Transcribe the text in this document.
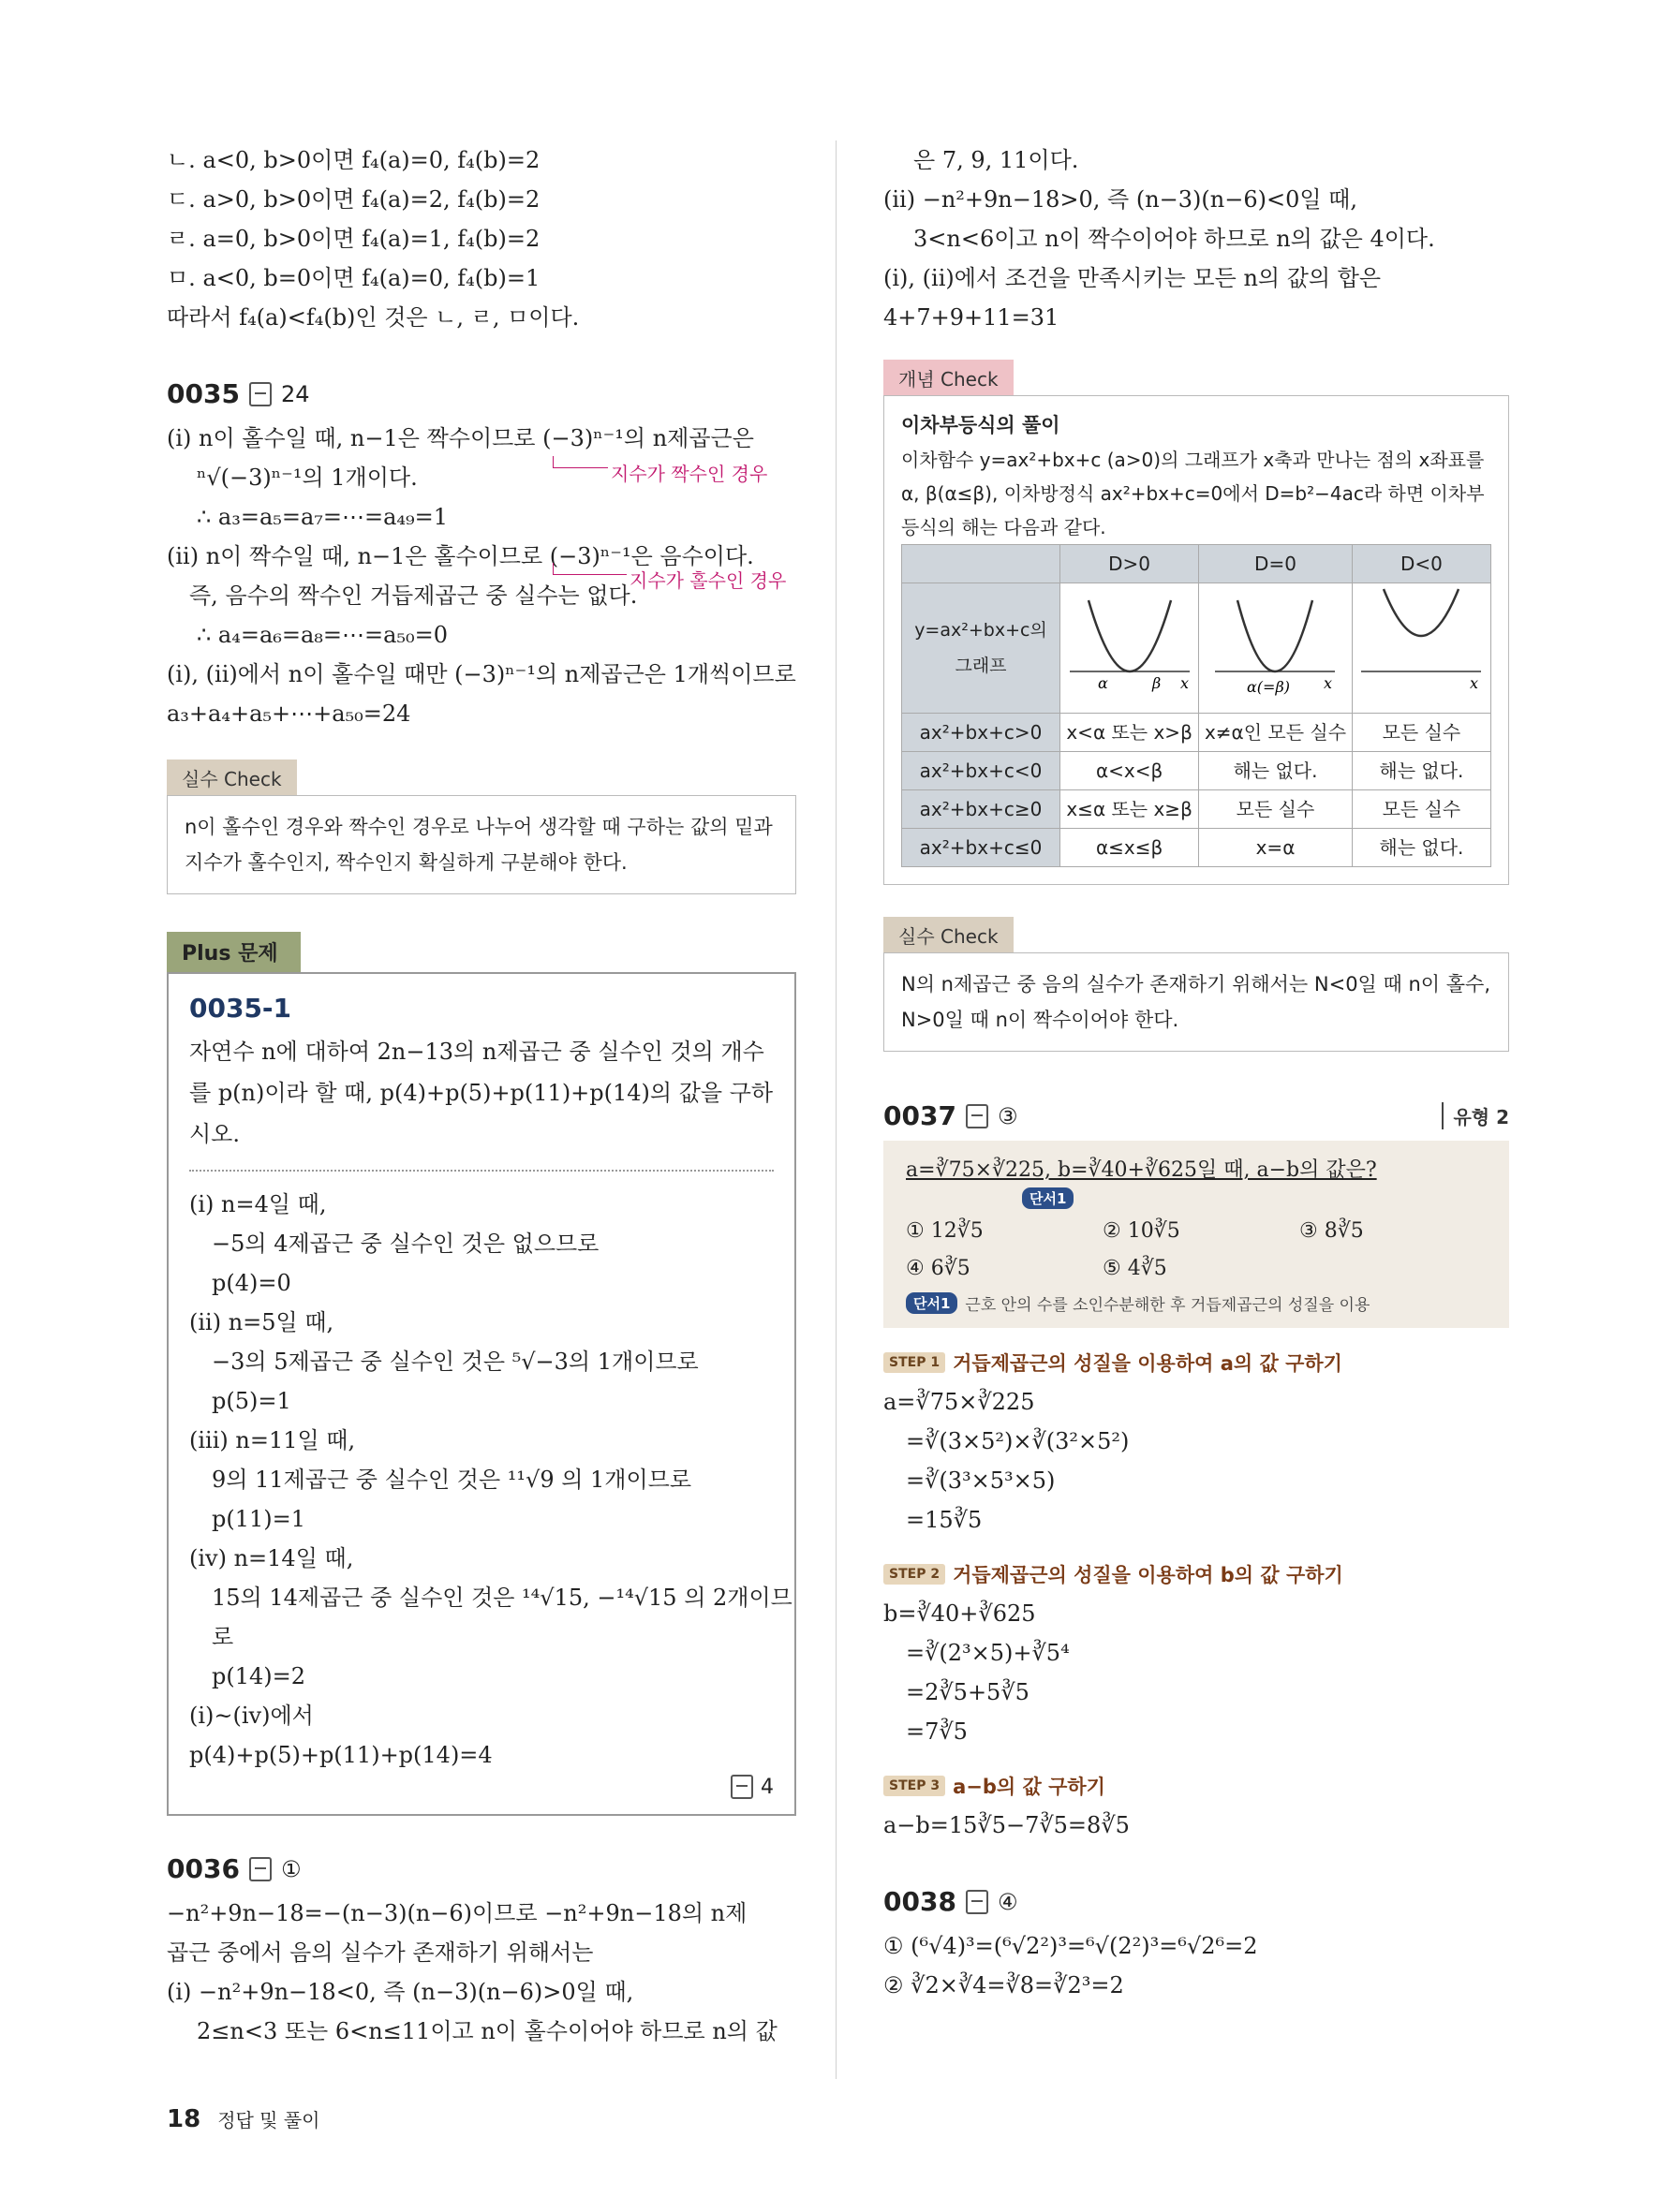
ㄴ. a<0, b>0이면 f₄(a)=0, f₄(b)=2
ㄷ. a>0, b>0이면 f₄(a)=2, f₄(b)=2
ㄹ. a=0, b>0이면 f₄(a)=1, f₄(b)=2
ㅁ. a<0, b=0이면 f₄(a)=0, f₄(b)=1
따라서 f₄(a)<f₄(b)인 것은 ㄴ, ㄹ, ㅁ이다.
0035 24
(i) n이 홀수일 때, n−1은 짝수이므로 (−3)ⁿ⁻¹의 n제곱근은
ⁿ√(−3)ⁿ⁻¹의 1개이다.	지수가 짝수인 경우
∴ a₃=a₅=a₇=⋯=a₄₉=1
(ii) n이 짝수일 때, n−1은 홀수이므로 (−3)ⁿ⁻¹은 음수이다.
즉, 음수의 짝수인 거듭제곱근 중 실수는 없다.
지수가 홀수인 경우
∴ a₄=a₆=a₈=⋯=a₅₀=0
(i), (ii)에서 n이 홀수일 때만 (−3)ⁿ⁻¹의 n제곱근은 1개씩이므로
a₃+a₄+a₅+⋯+a₅₀=24
실수 Check
n이 홀수인 경우와 짝수인 경우로 나누어 생각할 때 구하는 값의 밑과 지수가 홀수인지, 짝수인지 확실하게 구분해야 한다.
Plus 문제
0035-1
자연수 n에 대하여 2n−13의 n제곱근 중 실수인 것의 개수를 p(n)이라 할 때, p(4)+p(5)+p(11)+p(14)의 값을 구하시오.
(i) n=4일 때,
−5의 4제곱근 중 실수인 것은 없으므로
p(4)=0
(ii) n=5일 때,
−3의 5제곱근 중 실수인 것은 ⁵√−3의 1개이므로
p(5)=1
(iii) n=11일 때,
9의 11제곱근 중 실수인 것은 ¹¹√9 의 1개이므로
p(11)=1
(iv) n=14일 때,
15의 14제곱근 중 실수인 것은 ¹⁴√15, −¹⁴√15 의 2개이므
로
p(14)=2
(i)~(iv)에서
p(4)+p(5)+p(11)+p(14)=4
4
0036 ①
−n²+9n−18=−(n−3)(n−6)이므로 −n²+9n−18의 n제
곱근 중에서 음의 실수가 존재하기 위해서는
(i) −n²+9n−18<0, 즉 (n−3)(n−6)>0일 때,
2≤n<3 또는 6<n≤11이고 n이 홀수이어야 하므로 n의 값
은 7, 9, 11이다.
(ii) −n²+9n−18>0, 즉 (n−3)(n−6)<0일 때,
3<n<6이고 n이 짝수이어야 하므로 n의 값은 4이다.
(i), (ii)에서 조건을 만족시키는 모든 n의 값의 합은
4+7+9+11=31
개념 Check
이차부등식의 풀이
이차함수 y=ax²+bx+c (a>0)의 그래프가 x축과 만나는 점의 x좌표를 α, β(α≤β), 이차방정식 ax²+bx+c=0에서 D=b²−4ac라 하면 이차부등식의 해는 다음과 같다.
	D>0	D=0	D<0
y=ax²+bx+c의 그래프	α β x	α(=β) x	x

ax²+bx+c>0	x<α 또는 x>β	x≠α인 모든 실수	모든 실수
ax²+bx+c<0	α<x<β	해는 없다.	해는 없다.
ax²+bx+c≥0	x≤α 또는 x≥β	모든 실수	모든 실수
ax²+bx+c≤0	α≤x≤β	x=α	해는 없다.
실수 Check
N의 n제곱근 중 음의 실수가 존재하기 위해서는 N<0일 때 n이 홀수, N>0일 때 n이 짝수이어야 한다.
0037 ③	유형 2
a=∛75×∛225, b=∛40+∛625일 때, a−b의 값은?
단서1
① 12∛5	② 10∛5	③ 8∛5
④ 6∛5	⑤ 4∛5
단서1 근호 안의 수를 소인수분해한 후 거듭제곱근의 성질을 이용
STEP 1 거듭제곱근의 성질을 이용하여 a의 값 구하기
a=∛75×∛225
=∛(3×5²)×∛(3²×5²)
=∛(3³×5³×5)
=15∛5
STEP 2 거듭제곱근의 성질을 이용하여 b의 값 구하기
b=∛40+∛625
=∛(2³×5)+∛5⁴
=2∛5+5∛5
=7∛5
STEP 3 a−b의 값 구하기
a−b=15∛5−7∛5=8∛5
0038 ④
① (⁶√4)³=(⁶√2²)³=⁶√(2²)³=⁶√2⁶=2
② ∛2×∛4=∛8=∛2³=2
18 정답 및 풀이
